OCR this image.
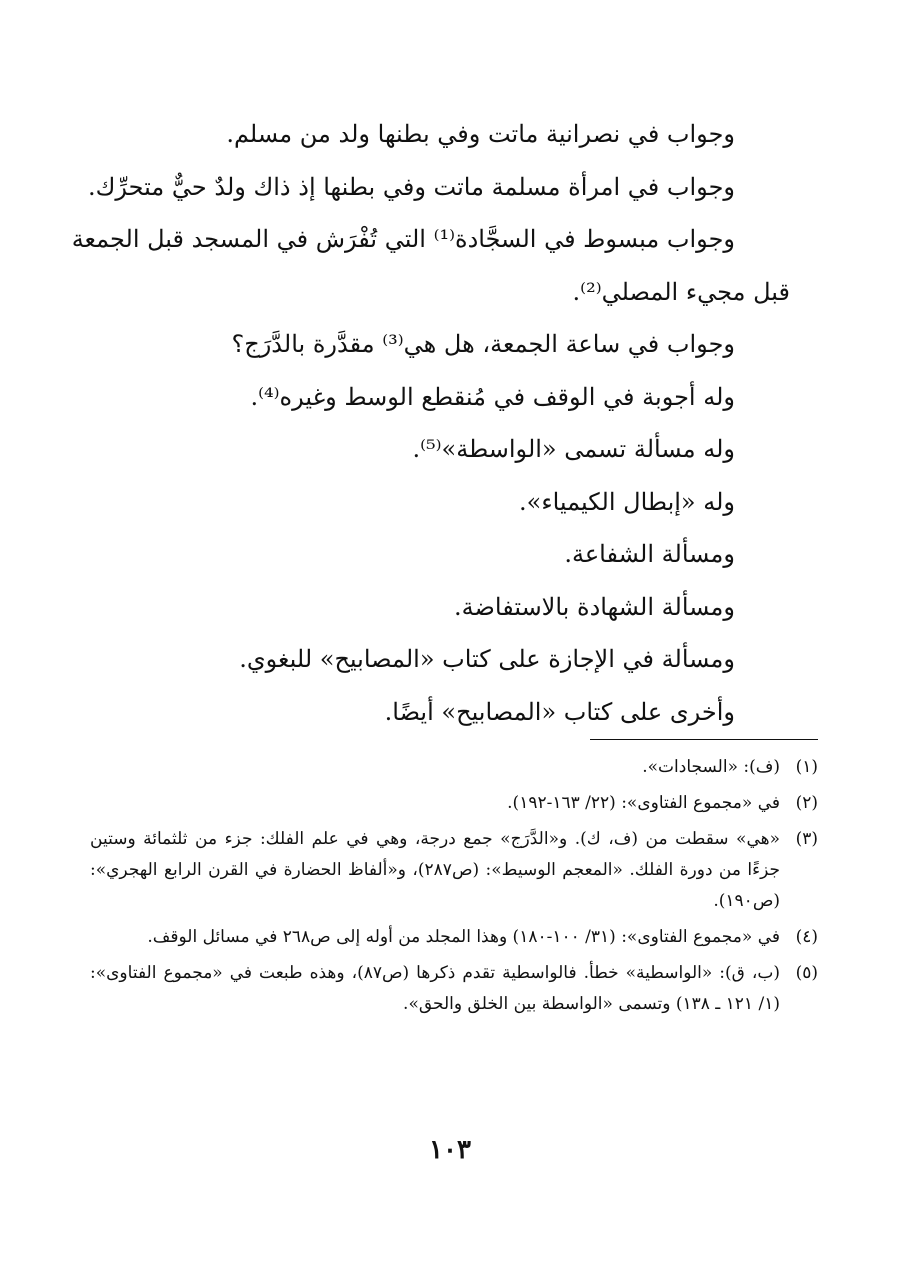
وجواب في نصرانية ماتت وفي بطنها ولد من مسلم.
وجواب في امرأة مسلمة ماتت وفي بطنها إذ ذاك ولدٌ حيٌّ متحرِّك.
وجواب مبسوط في السجَّادة⁽¹⁾ التي تُفْرَش في المسجد قبل الجمعة
قبل مجيء المصلي⁽²⁾.
وجواب في ساعة الجمعة، هل هي⁽³⁾ مقدَّرة بالدَّرَج؟
وله أجوبة في الوقف في مُنقطع الوسط وغيره⁽⁴⁾.
وله مسألة تسمى «الواسطة»⁽⁵⁾.
وله «إبطال الكيمياء».
ومسألة الشفاعة.
ومسألة الشهادة بالاستفاضة.
ومسألة في الإجازة على كتاب «المصابيح» للبغوي.
وأخرى على كتاب «المصابيح» أيضًا.
(١)
(ف): «السجادات».
(٢)
في «مجموع الفتاوى»: (٢٢/ ١٦٣-١٩٢).
(٣)
«هي» سقطت من (ف، ك). و«الدَّرَج» جمع درجة، وهي في علم الفلك: جزء من ثلثمائة وستين جزءًا من دورة الفلك. «المعجم الوسيط»: (ص٢٨٧)، و«ألفاظ الحضارة في القرن الرابع الهجري»: (ص١٩٠).
(٤)
في «مجموع الفتاوى»: (٣١/ ١٠٠-١٨٠) وهذا المجلد من أوله إلى ص٢٦٨ في مسائل الوقف.
(٥)
(ب، ق): «الواسطية» خطأ. فالواسطية تقدم ذكرها (ص٨٧)، وهذه طبعت في «مجموع الفتاوى»: (١/ ١٢١ ـ ١٣٨) وتسمى «الواسطة بين الخلق والحق».
١٠٣
